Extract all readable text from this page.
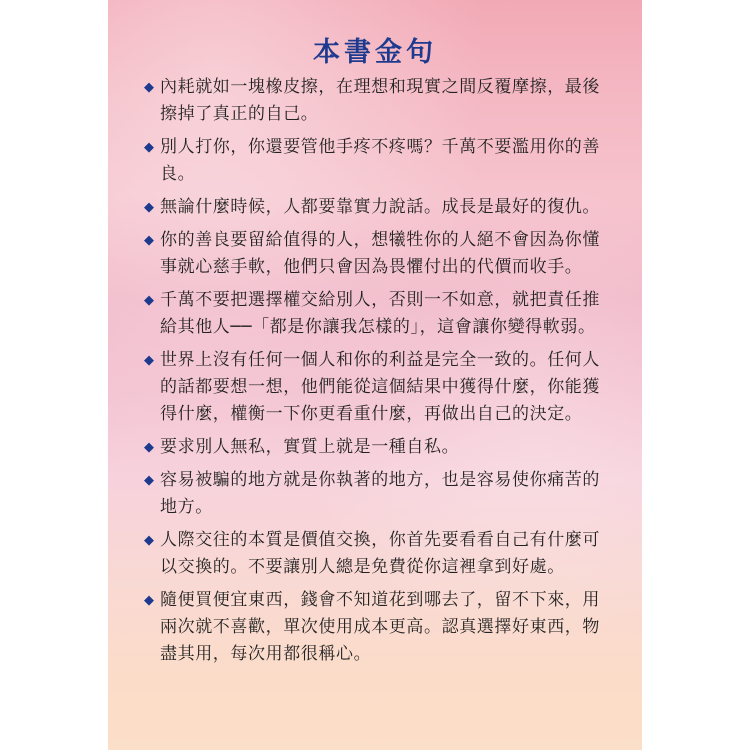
本書金句
◆ 內耗就如一塊橡皮擦，在理想和現實之間反覆摩擦，最後擦掉了真正的自己。
◆ 別人打你，你還要管他手疼不疼嗎？千萬不要濫用你的善良。
◆ 無論什麼時候，人都要靠實力說話。成長是最好的復仇。
◆ 你的善良要留給值得的人，想犧牲你的人絕不會因為你懂事就心慈手軟，他們只會因為畏懼付出的代價而收手。
◆ 千萬不要把選擇權交給別人，否則一不如意，就把責任推給其他人──「都是你讓我怎樣的」，這會讓你變得軟弱。
◆ 世界上沒有任何一個人和你的利益是完全一致的。任何人的話都要想一想，他們能從這個結果中獲得什麼，你能獲得什麼，權衡一下你更看重什麼，再做出自己的決定。
◆ 要求別人無私，實質上就是一種自私。
◆ 容易被騙的地方就是你執著的地方，也是容易使你痛苦的地方。
◆ 人際交往的本質是價值交換，你首先要看看自己有什麼可以交換的。不要讓別人總是免費從你這裡拿到好處。
◆ 隨便買便宜東西，錢會不知道花到哪去了，留不下來，用兩次就不喜歡，單次使用成本更高。認真選擇好東西，物盡其用，每次用都很稱心。
